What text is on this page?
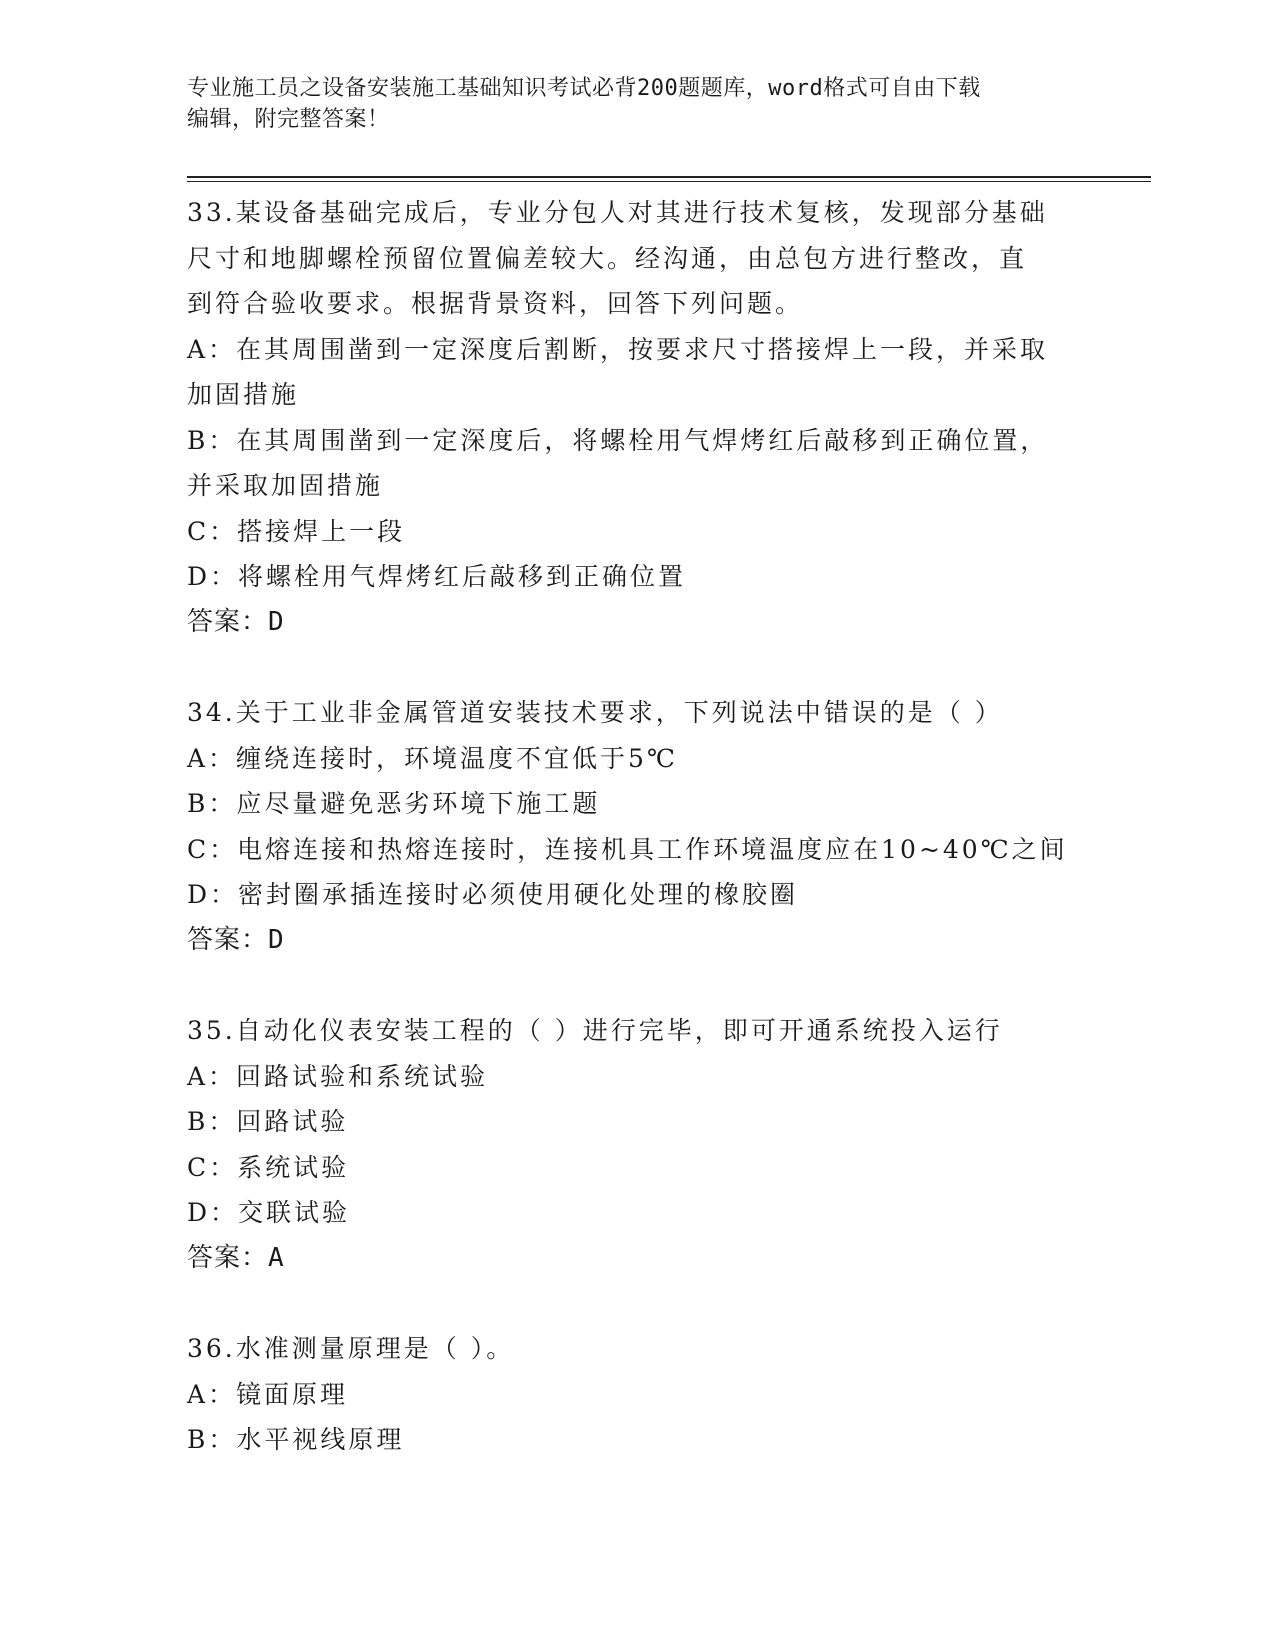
专业施工员之设备安装施工基础知识考试必背200题题库，word格式可自由下载
编辑，附完整答案！

33.某设备基础完成后，专业分包人对其进行技术复核，发现部分基础

尺寸和地脚螺栓预留位置偏差较大。经沟通，由总包方进行整改，直

到符合验收要求。根据背景资料，回答下列问题。

A：在其周围凿到一定深度后割断，按要求尺寸搭接焊上一段，并采取

加固措施

B：在其周围凿到一定深度后，将螺栓用气焊烤红后敲移到正确位置，

并采取加固措施

C：搭接焊上一段

D：将螺栓用气焊烤红后敲移到正确位置

答案：D

34.关于工业非金属管道安装技术要求，下列说法中错误的是（ ）

A：缠绕连接时，环境温度不宜低于5℃

B：应尽量避免恶劣环境下施工题

C：电熔连接和热熔连接时，连接机具工作环境温度应在10~40℃之间

D：密封圈承插连接时必须使用硬化处理的橡胶圈

答案：D

35.自动化仪表安装工程的（ ）进行完毕，即可开通系统投入运行

A：回路试验和系统试验

B：回路试验

C：系统试验

D：交联试验

答案：A

36.水准测量原理是（ ）。

A：镜面原理

B：水平视线原理
